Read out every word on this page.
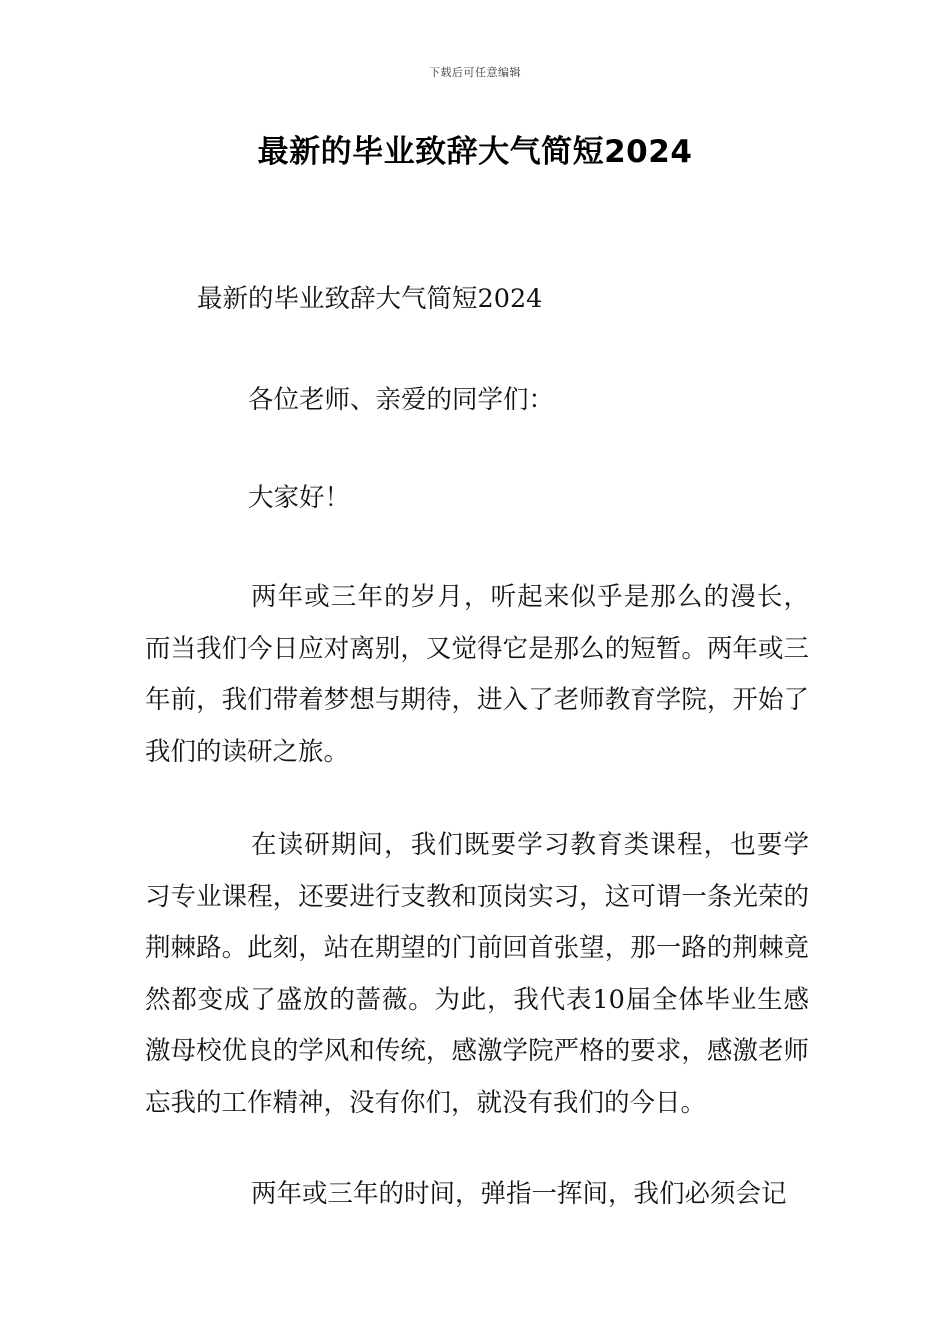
下载后可任意编辑
最新的毕业致辞大气简短2024

最新的毕业致辞大气简短2024

各位老师、亲爱的同学们：

大家好！

两年或三年的岁月，听起来似乎是那么的漫长，而当我们今日应对离别，又觉得它是那么的短暂。两年或三年前，我们带着梦想与期待，进入了老师教育学院，开始了我们的读研之旅。

在读研期间，我们既要学习教育类课程，也要学习专业课程，还要进行支教和顶岗实习，这可谓一条光荣的荆棘路。此刻，站在期望的门前回首张望，那一路的荆棘竟然都变成了盛放的蔷薇。为此，我代表10届全体毕业生感激母校优良的学风和传统，感激学院严格的要求，感激老师忘我的工作精神，没有你们，就没有我们的今日。

两年或三年的时间，弹指一挥间，我们必须会记
